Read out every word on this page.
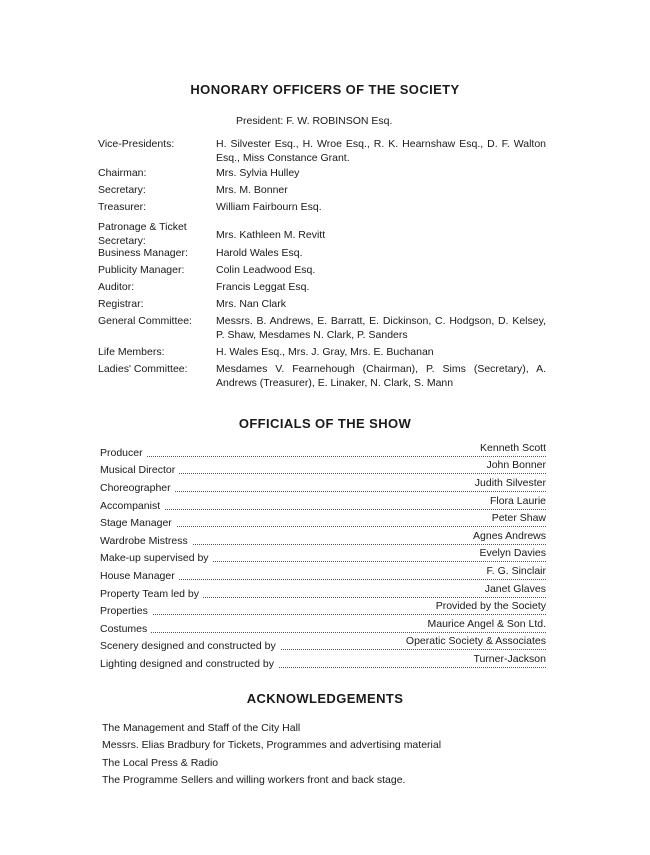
HONORARY OFFICERS OF THE SOCIETY
President: F. W. ROBINSON Esq.
Vice-Presidents:	H. Silvester Esq., H. Wroe Esq., R. K. Hearnshaw Esq., D. F. Walton Esq., Miss Constance Grant.
Chairman:	Mrs. Sylvia Hulley
Secretary:	Mrs. M. Bonner
Treasurer:	William Fairbourn Esq.
Patronage & Ticket Secretary:	Mrs. Kathleen M. Revitt
Business Manager:	Harold Wales Esq.
Publicity Manager:	Colin Leadwood Esq.
Auditor:	Francis Leggat Esq.
Registrar:	Mrs. Nan Clark
General Committee:	Messrs. B. Andrews, E. Barratt, E. Dickinson, C. Hodgson, D. Kelsey, P. Shaw, Mesdames N. Clark, P. Sanders
Life Members:	H. Wales Esq., Mrs. J. Gray, Mrs. E. Buchanan
Ladies' Committee:	Mesdames V. Fearnehough (Chairman), P. Sims (Secretary), A. Andrews (Treasurer), E. Linaker, N. Clark, S. Mann
OFFICIALS OF THE SHOW
Producer	Kenneth Scott
Musical Director	John Bonner
Choreographer	Judith Silvester
Accompanist	Flora Laurie
Stage Manager	Peter Shaw
Wardrobe Mistress	Agnes Andrews
Make-up supervised by	Evelyn Davies
House Manager	F. G. Sinclair
Property Team led by	Janet Glaves
Properties	Provided by the Society
Costumes	Maurice Angel & Son Ltd.
Scenery designed and constructed by	Operatic Society & Associates
Lighting designed and constructed by	Turner-Jackson
ACKNOWLEDGEMENTS
The Management and Staff of the City Hall
Messrs. Elias Bradbury for Tickets, Programmes and advertising material
The Local Press & Radio
The Programme Sellers and willing workers front and back stage.
